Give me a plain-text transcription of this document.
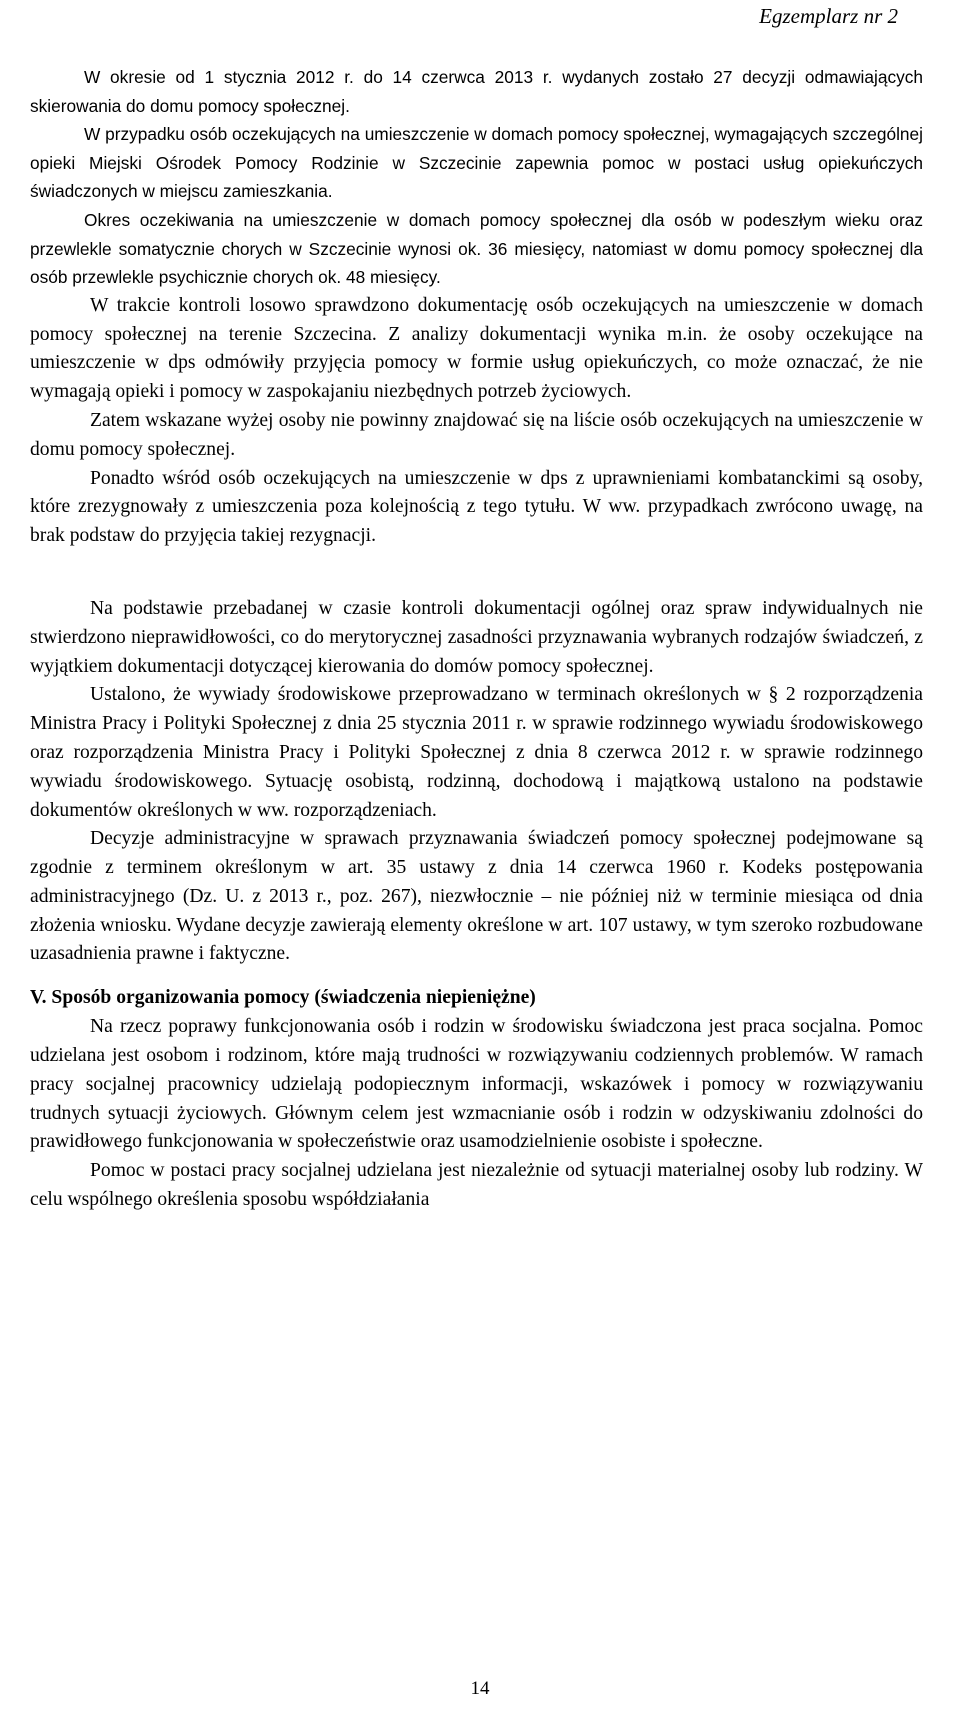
Egzemplarz nr 2

W okresie od 1 stycznia 2012 r. do 14 czerwca 2013 r. wydanych zostało 27 decyzji odmawiających skierowania do domu pomocy społecznej.

W przypadku osób oczekujących na umieszczenie w domach pomocy społecznej, wymagających szczególnej opieki Miejski Ośrodek Pomocy Rodzinie w Szczecinie zapewnia pomoc w postaci usług opiekuńczych świadczonych w miejscu zamieszkania.

Okres oczekiwania na umieszczenie w domach pomocy społecznej dla osób w podeszłym wieku oraz przewlekle somatycznie chorych w Szczecinie wynosi ok. 36 miesięcy, natomiast w domu pomocy społecznej dla osób przewlekle psychicznie chorych ok. 48 miesięcy.

W trakcie kontroli losowo sprawdzono dokumentację osób oczekujących na umieszczenie w domach pomocy społecznej na terenie Szczecina. Z analizy dokumentacji wynika m.in. że osoby oczekujące na umieszczenie w dps odmówiły przyjęcia pomocy w formie usług opiekuńczych, co może oznaczać, że nie wymagają opieki i pomocy w zaspokajaniu niezbędnych potrzeb życiowych.

Zatem wskazane wyżej osoby nie powinny znajdować się na liście osób oczekujących na umieszczenie w domu pomocy społecznej.

Ponadto wśród osób oczekujących na umieszczenie w dps z uprawnieniami kombatanckimi są osoby, które zrezygnowały z umieszczenia poza kolejnością z tego tytułu. W ww. przypadkach zwrócono uwagę, na brak podstaw do przyjęcia takiej rezygnacji.

Na podstawie przebadanej w czasie kontroli dokumentacji ogólnej oraz spraw indywidualnych nie stwierdzono nieprawidłowości, co do merytorycznej zasadności przyznawania wybranych rodzajów świadczeń, z wyjątkiem dokumentacji dotyczącej kierowania do domów pomocy społecznej.

Ustalono, że wywiady środowiskowe przeprowadzano w terminach określonych w § 2 rozporządzenia Ministra Pracy i Polityki Społecznej z dnia 25 stycznia 2011 r. w sprawie rodzinnego wywiadu środowiskowego oraz rozporządzenia Ministra Pracy i Polityki Społecznej z dnia 8 czerwca 2012 r. w sprawie rodzinnego wywiadu środowiskowego. Sytuację osobistą, rodzinną, dochodową i majątkową ustalono na podstawie dokumentów określonych w ww. rozporządzeniach.

Decyzje administracyjne w sprawach przyznawania świadczeń pomocy społecznej podejmowane są zgodnie z terminem określonym w art. 35 ustawy z dnia 14 czerwca 1960 r. Kodeks postępowania administracyjnego (Dz. U. z 2013 r., poz. 267), niezwłocznie – nie później niż w terminie miesiąca od dnia złożenia wniosku. Wydane decyzje zawierają elementy określone w art. 107 ustawy, w tym szeroko rozbudowane uzasadnienia prawne i faktyczne.

V. Sposób organizowania pomocy (świadczenia niepieniężne)

Na rzecz poprawy funkcjonowania osób i rodzin w środowisku świadczona jest praca socjalna. Pomoc udzielana jest osobom i rodzinom, które mają trudności w rozwiązywaniu codziennych problemów. W ramach pracy socjalnej pracownicy udzielają podopiecznym informacji, wskazówek i pomocy w rozwiązywaniu trudnych sytuacji życiowych. Głównym celem jest wzmacnianie osób i rodzin w odzyskiwaniu zdolności do prawidłowego funkcjonowania w społeczeństwie oraz usamodzielnienie osobiste i społeczne.

Pomoc w postaci pracy socjalnej udzielana jest niezależnie od sytuacji materialnej osoby lub rodziny. W celu wspólnego określenia sposobu współdziałania

14
